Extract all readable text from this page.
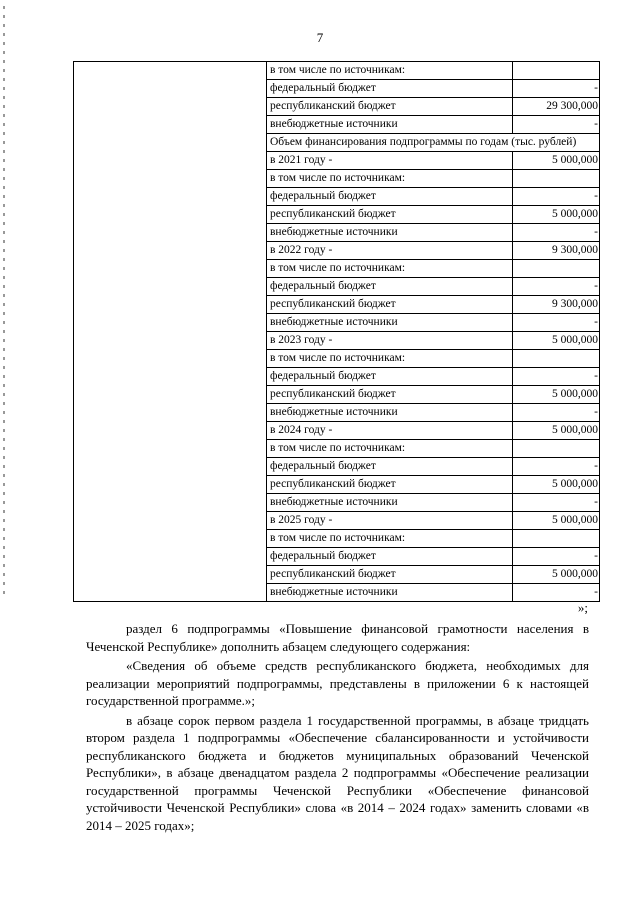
7
	в том числе по источникам:	
	федеральный бюджет	-
	республиканский бюджет	29 300,000
	внебюджетные источники	-
	Объем финансирования подпрограммы по годам (тыс. рублей)	
	в 2021 году -	5 000,000
	в том числе по источникам:	
	федеральный бюджет	-
	республиканский бюджет	5 000,000
	внебюджетные источники	-
	в 2022 году -	9 300,000
	в том числе по источникам:	
	федеральный бюджет	-
	республиканский бюджет	9 300,000
	внебюджетные источники	-
	в 2023 году -	5 000,000
	в том числе по источникам:	
	федеральный бюджет	-
	республиканский бюджет	5 000,000
	внебюджетные источники	-
	в 2024 году -	5 000,000
	в том числе по источникам:	
	федеральный бюджет	-
	республиканский бюджет	5 000,000
	внебюджетные источники	-
	в 2025 году -	5 000,000
	в том числе по источникам:	
	федеральный бюджет	-
	республиканский бюджет	5 000,000
	внебюджетные источники	-
»;

раздел 6 подпрограммы «Повышение финансовой грамотности населения в Чеченской Республике» дополнить абзацем следующего содержания:

«Сведения об объеме средств республиканского бюджета, необходимых для реализации мероприятий подпрограммы, представлены в приложении 6 к настоящей государственной программе.»;

в абзаце сорок первом раздела 1 государственной программы, в абзаце тридцать втором раздела 1 подпрограммы «Обеспечение сбалансированности и устойчивости республиканского бюджета и бюджетов муниципальных образований Чеченской Республики», в абзаце двенадцатом раздела 2 подпрограммы «Обеспечение реализации государственной программы Чеченской Республики «Обеспечение финансовой устойчивости Чеченской Республики» слова «в 2014 – 2024 годах» заменить словами «в 2014 – 2025 годах»;
